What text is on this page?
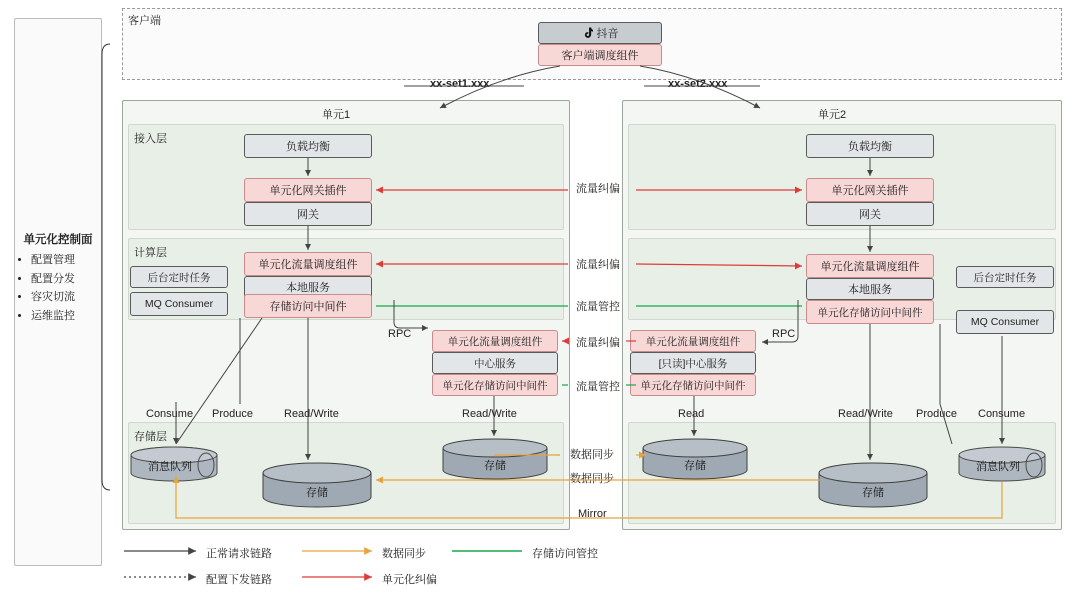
单元化控制面
• 配置管理
• 配置分发
• 容灾切流
• 运维监控
客户端
抖音
客户端调度组件
xx-set1.xxx	xx-set2.xxx
单元1
接入层
负载均衡
单元化网关插件
网关
计算层
后台定时任务
MQ Consumer
单元化流量调度组件
本地服务
存储访问中间件
存储层
单元2
负载均衡
单元化网关插件
网关
后台定时任务
MQ Consumer
单元化流量调度组件
本地服务
单元化存储访问中间件
单元化流量调度组件
中心服务
单元化存储访问中间件
单元化流量调度组件
[只读]中心服务
单元化存储访问中间件
消息队列
存储
存储	存储
存储
消息队列
流量纠偏
流量纠偏
流量管控
流量纠偏
流量管控
RPC	RPC
Consume Produce	Read/Write	Read/Write	Read	Read/Write Produce Consume
数据同步
数据同步
Mirror
正常请求链路	数据同步	存储访问管控
配置下发链路	单元化纠偏
